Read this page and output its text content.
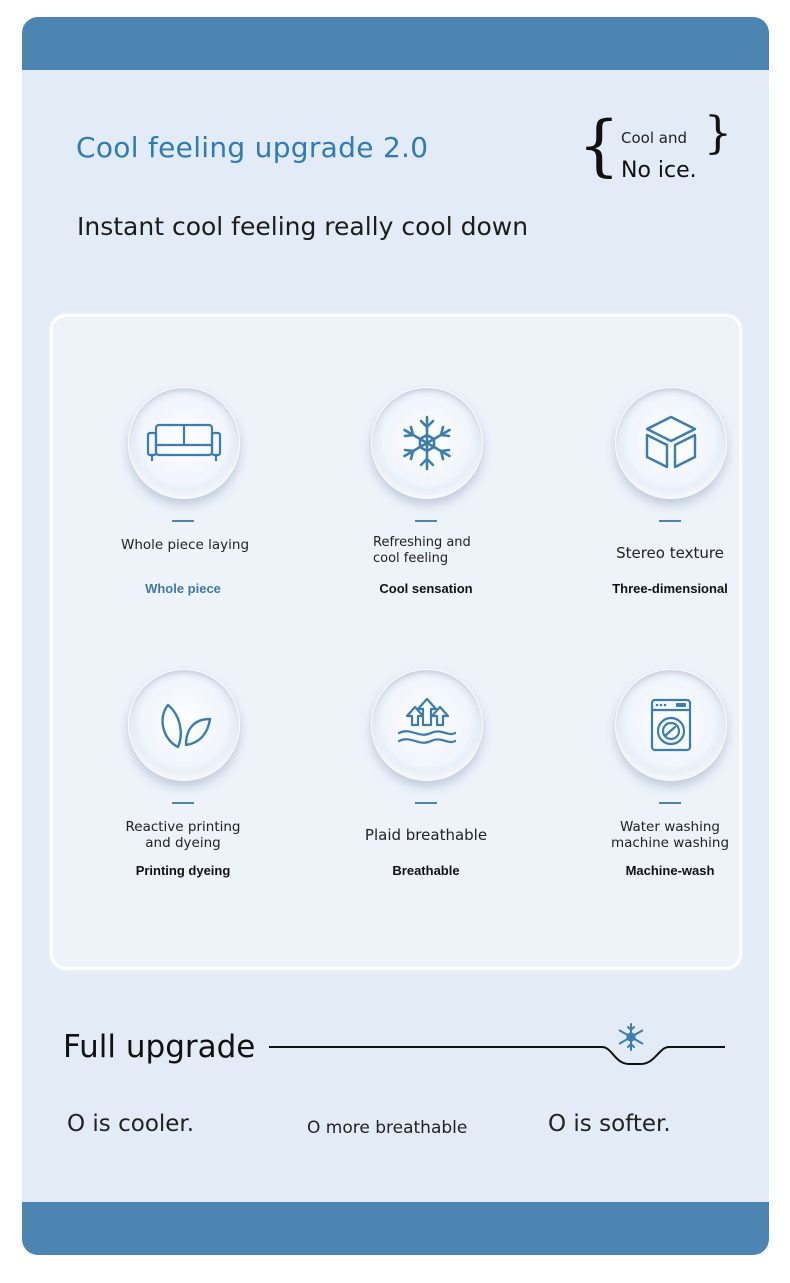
Cool feeling upgrade 2.0 { Cool and
No ice.
}
Instant cool feeling really cool down
Whole piece laying
Whole piece
Refreshing and cool feeling
Cool sensation
Stereo texture
Three-dimensional
Reactive printing and dyeing
Printing dyeing
Plaid breathable
Breathable
Water washing machine washing
Machine-wash
Full upgrade
O is cooler.	O more breathable	O is softer.
